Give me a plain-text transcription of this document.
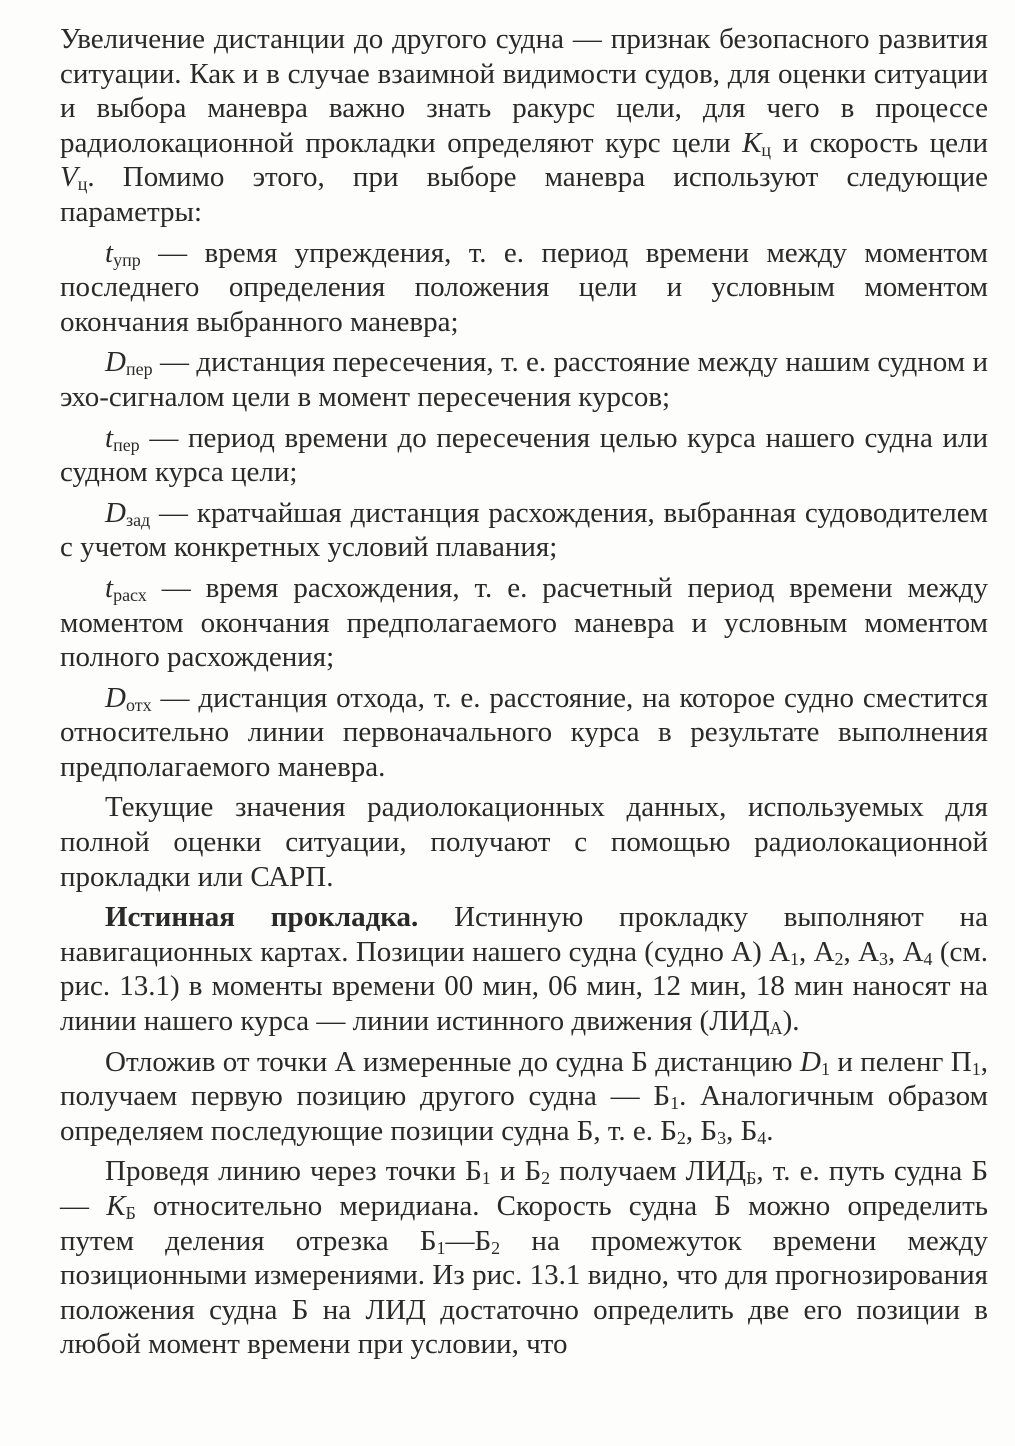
Увеличение дистанции до другого судна — признак безопасного развития ситуации. Как и в случае взаимной видимости судов, для оценки ситуации и выбора маневра важно знать ракурс цели, для чего в процессе радиолокационной прокладки определяют курс цели $K_ц$ и скорость цели $V_ц$. Помимо этого, при выборе маневра используют следующие параметры:

$t_{упр}$ — время упреждения, т. е. период времени между моментом последнего определения положения цели и условным моментом окончания выбранного маневра;

$D_{пер}$ — дистанция пересечения, т. е. расстояние между нашим судном и эхо-сигналом цели в момент пересечения курсов;

$t_{пер}$ — период времени до пересечения целью курса нашего судна или судном курса цели;

$D_{зад}$ — кратчайшая дистанция расхождения, выбранная судоводителем с учетом конкретных условий плавания;

$t_{расх}$ — время расхождения, т. е. расчетный период времени между моментом окончания предполагаемого маневра и условным моментом полного расхождения;

$D_{отх}$ — дистанция отхода, т. е. расстояние, на которое судно сместится относительно линии первоначального курса в результате выполнения предполагаемого маневра.

Текущие значения радиолокационных данных, используемых для полной оценки ситуации, получают с помощью радиолокационной прокладки или САРП.

Истинная прокладка. Истинную прокладку выполняют на навигационных картах. Позиции нашего судна (судно А) $А_1$, $А_2$, $А_3$, $А_4$ (см. рис. 13.1) в моменты времени 00 мин, 06 мин, 12 мин, 18 мин наносят на линии нашего курса — линии истинного движения $(ЛИД_А)$.

Отложив от точки А измеренные до судна Б дистанцию $D_1$ и пеленг $П_1$, получаем первую позицию другого судна — $Б_1$. Аналогичным образом определяем последующие позиции судна Б, т. е. $Б_2$, $Б_3$, $Б_4$.

Проведя линию через точки $Б_1$ и $Б_2$ получаем $ЛИД_Б$, т. е. путь судна Б — $K_Б$ относительно меридиана. Скорость судна Б можно определить путем деления отрезка $Б_1—Б_2$ на промежуток времени между позиционными измерениями. Из рис. 13.1 видно, что для прогнозирования положения судна Б на ЛИД достаточно определить две его позиции в любой момент времени при условии, что
